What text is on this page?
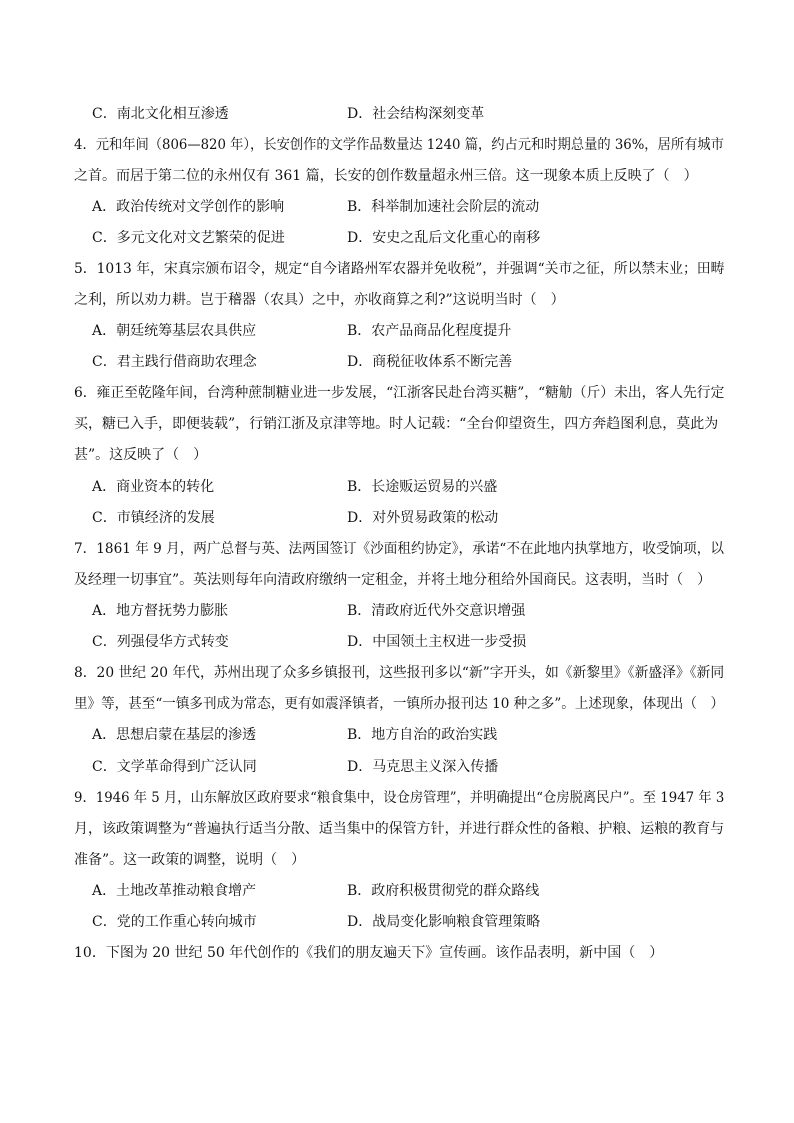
C．南北文化相互渗透	D．社会结构深刻变革
4．元和年间（806—820 年），长安创作的文学作品数量达 1240 篇，约占元和时期总量的 36%，居所有城市
之首。而居于第二位的永州仅有 361 篇，长安的创作数量超永州三倍。这一现象本质上反映了（　）
A．政治传统对文学创作的影响	B．科举制加速社会阶层的流动
C．多元文化对文艺繁荣的促进	D．安史之乱后文化重心的南移
5．1013 年，宋真宗颁布诏令，规定“自今诸路州军农器并免收税”，并强调“关市之征，所以禁末业；田畴
之利，所以劝力耕。岂于稽器（农具）之中，亦收商算之利?”这说明当时（　）
A．朝廷统筹基层农具供应	B．农产品商品化程度提升
C．君主践行借商助农理念	D．商税征收体系不断完善
6．雍正至乾隆年间，台湾种蔗制糖业进一步发展，“江浙客民赴台湾买糖”，“糖觔（斤）未出，客人先行定
买，糖已入手，即便装载”，行销江浙及京津等地。时人记载：“全台仰望资生，四方奔趋图利息，莫此为
甚”。这反映了（　）
A．商业资本的转化	B．长途贩运贸易的兴盛
C．市镇经济的发展	D．对外贸易政策的松动
7．1861 年 9 月，两广总督与英、法两国签订《沙面租约协定》，承诺“不在此地内执掌地方，收受饷项，以
及经理一切事宜”。英法则每年向清政府缴纳一定租金，并将土地分租给外国商民。这表明，当时（　）
A．地方督抚势力膨胀	B．清政府近代外交意识增强
C．列强侵华方式转变	D．中国领土主权进一步受损
8．20 世纪 20 年代，苏州出现了众多乡镇报刊，这些报刊多以“新”字开头，如《新黎里》《新盛泽》《新同
里》等，甚至“一镇多刊成为常态，更有如震泽镇者，一镇所办报刊达 10 种之多”。上述现象，体现出（　）
A．思想启蒙在基层的渗透	B．地方自治的政治实践
C．文学革命得到广泛认同	D．马克思主义深入传播
9．1946 年 5 月，山东解放区政府要求“粮食集中，设仓房管理”，并明确提出“仓房脱离民户”。至 1947 年 3
月，该政策调整为“普遍执行适当分散、适当集中的保管方针，并进行群众性的备粮、护粮、运粮的教育与
准备”。这一政策的调整，说明（　）
A．土地改革推动粮食增产	B．政府积极贯彻党的群众路线
C．党的工作重心转向城市	D．战局变化影响粮食管理策略
10．下图为 20 世纪 50 年代创作的《我们的朋友遍天下》宣传画。该作品表明，新中国（　）
